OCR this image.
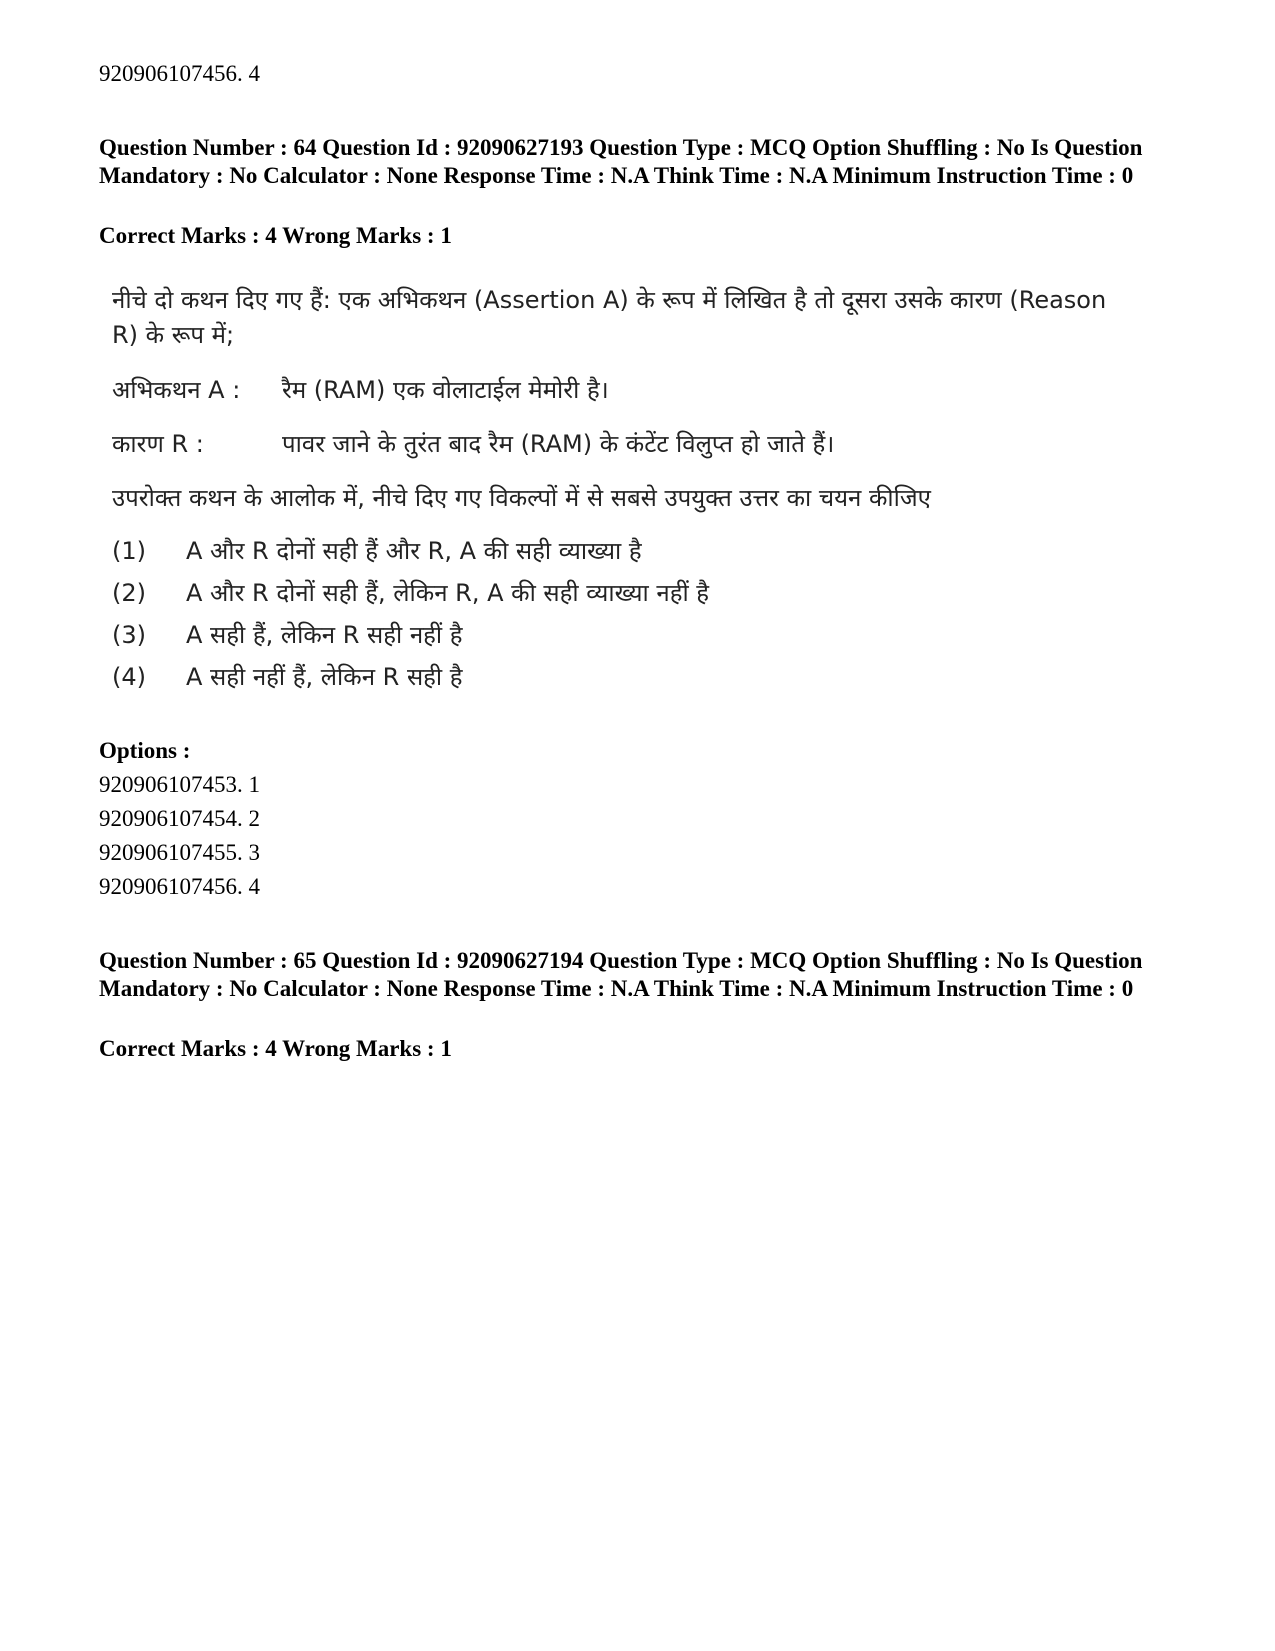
920906107456. 4
Question Number : 64 Question Id : 92090627193 Question Type : MCQ Option Shuffling : No Is Question Mandatory : No Calculator : None Response Time : N.A Think Time : N.A Minimum Instruction Time : 0
Correct Marks : 4 Wrong Marks : 1
नीचे दो कथन दिए गए हैं: एक अभिकथन (Assertion A) के रूप में लिखित है तो दूसरा उसके कारण (Reason R) के रूप में;
अभिकथन A : रैम (RAM) एक वोलाटाईल मेमोरी है।
कारण R :	पावर जाने के तुरंत बाद रैम (RAM) के कंटेंट विलुप्त हो जाते हैं।
उपरोक्त कथन के आलोक में, नीचे दिए गए विकल्पों में से सबसे उपयुक्त उत्तर का चयन कीजिए
(1) A और R दोनों सही हैं और R, A की सही व्याख्या है
(2) A और R दोनों सही हैं, लेकिन R, A की सही व्याख्या नहीं है
(3) A सही हैं, लेकिन R सही नहीं है
(4) A सही नहीं हैं, लेकिन R सही है
Options :
920906107453. 1
920906107454. 2
920906107455. 3
920906107456. 4
Question Number : 65 Question Id : 92090627194 Question Type : MCQ Option Shuffling : No Is Question Mandatory : No Calculator : None Response Time : N.A Think Time : N.A Minimum Instruction Time : 0
Correct Marks : 4 Wrong Marks : 1
